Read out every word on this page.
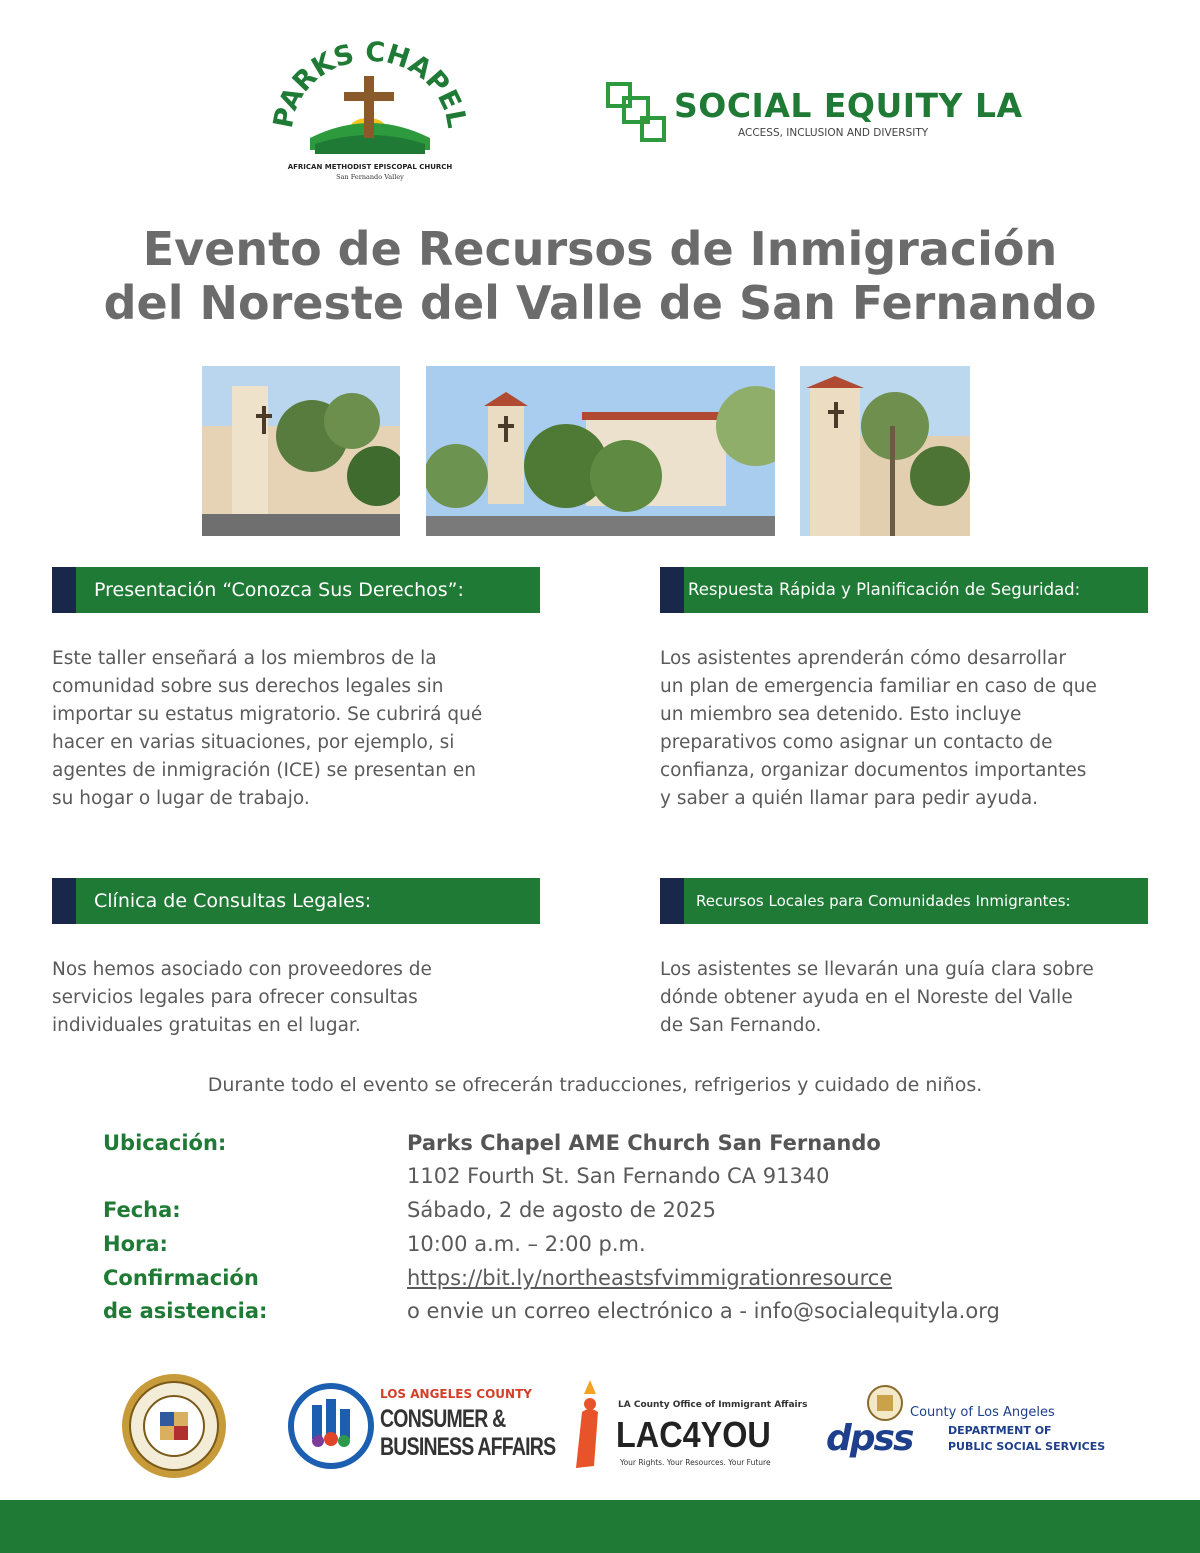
PARKS CHAPEL
AFRICAN METHODIST EPISCOPAL CHURCH
San Fernando Valley
SOCIAL EQUITY LA
ACCESS, INCLUSION AND DIVERSITY
Evento de Recursos de Inmigración
del Noreste del Valle de San Fernando
Presentación “Conozca Sus Derechos”:
Este taller enseñará a los miembros de la
comunidad sobre sus derechos legales sin
importar su estatus migratorio. Se cubrirá qué
hacer en varias situaciones, por ejemplo, si
agentes de inmigración (ICE) se presentan en
su hogar o lugar de trabajo.
Respuesta Rápida y Planificación de Seguridad:
Los asistentes aprenderán cómo desarrollar
un plan de emergencia familiar en caso de que
un miembro sea detenido. Esto incluye
preparativos como asignar un contacto de
confianza, organizar documentos importantes
y saber a quién llamar para pedir ayuda.
Clínica de Consultas Legales:
Nos hemos asociado con proveedores de
servicios legales para ofrecer consultas
individuales gratuitas en el lugar.
Recursos Locales para Comunidades Inmigrantes:
Los asistentes se llevarán una guía clara sobre
dónde obtener ayuda en el Noreste del Valle
de San Fernando.
Durante todo el evento se ofrecerán traducciones, refrigerios y cuidado de niños.
Ubicación:	Parks Chapel AME Church San Fernando
1102 Fourth St. San Fernando CA 91340
Fecha:	Sábado, 2 de agosto de 2025
Hora:	10:00 a.m. – 2:00 p.m.
Confirmación	https://bit.ly/northeastsfvimmigrationresource
de asistencia:	o envie un correo electrónico a - info@socialequityla.org
LOS ANGELES COUNTY
CONSUMER &
BUSINESS AFFAIRS
LA County Office of Immigrant Affairs
LAC4YOU
Your Rights. Your Resources. Your Future
dpss
County of Los Angeles
DEPARTMENT OF
PUBLIC SOCIAL SERVICES
